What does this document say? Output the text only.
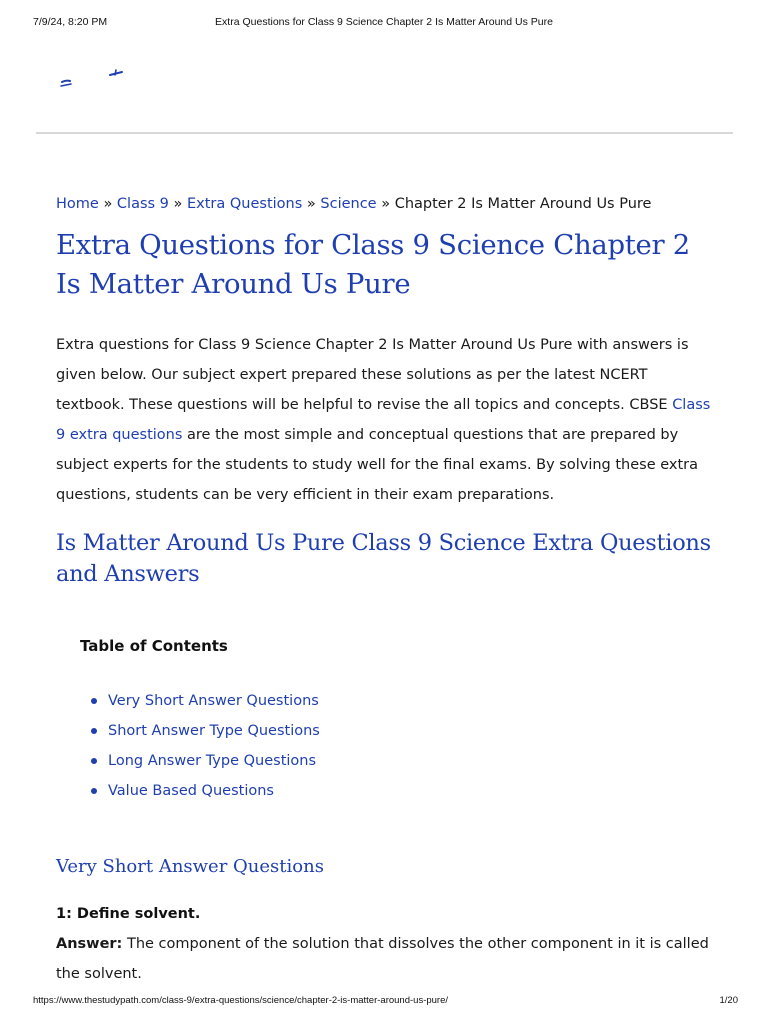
7/9/24, 8:20 PM	Extra Questions for Class 9 Science Chapter 2 Is Matter Around Us Pure
Home » Class 9 » Extra Questions » Science » Chapter 2 Is Matter Around Us Pure
Extra Questions for Class 9 Science Chapter 2 Is Matter Around Us Pure

Extra questions for Class 9 Science Chapter 2 Is Matter Around Us Pure with answers is given below. Our subject expert prepared these solutions as per the latest NCERT textbook. These questions will be helpful to revise the all topics and concepts. CBSE Class 9 extra questions are the most simple and conceptual questions that are prepared by subject experts for the students to study well for the final exams. By solving these extra questions, students can be very efficient in their exam preparations.

Is Matter Around Us Pure Class 9 Science Extra Questions and Answers
Table of Contents
Very Short Answer Questions
Short Answer Type Questions
Long Answer Type Questions
Value Based Questions
Very Short Answer Questions
1: Define solvent.
Answer: The component of the solution that dissolves the other component in it is called the solvent.
https://www.thestudypath.com/class-9/extra-questions/science/chapter-2-is-matter-around-us-pure/	1/20
